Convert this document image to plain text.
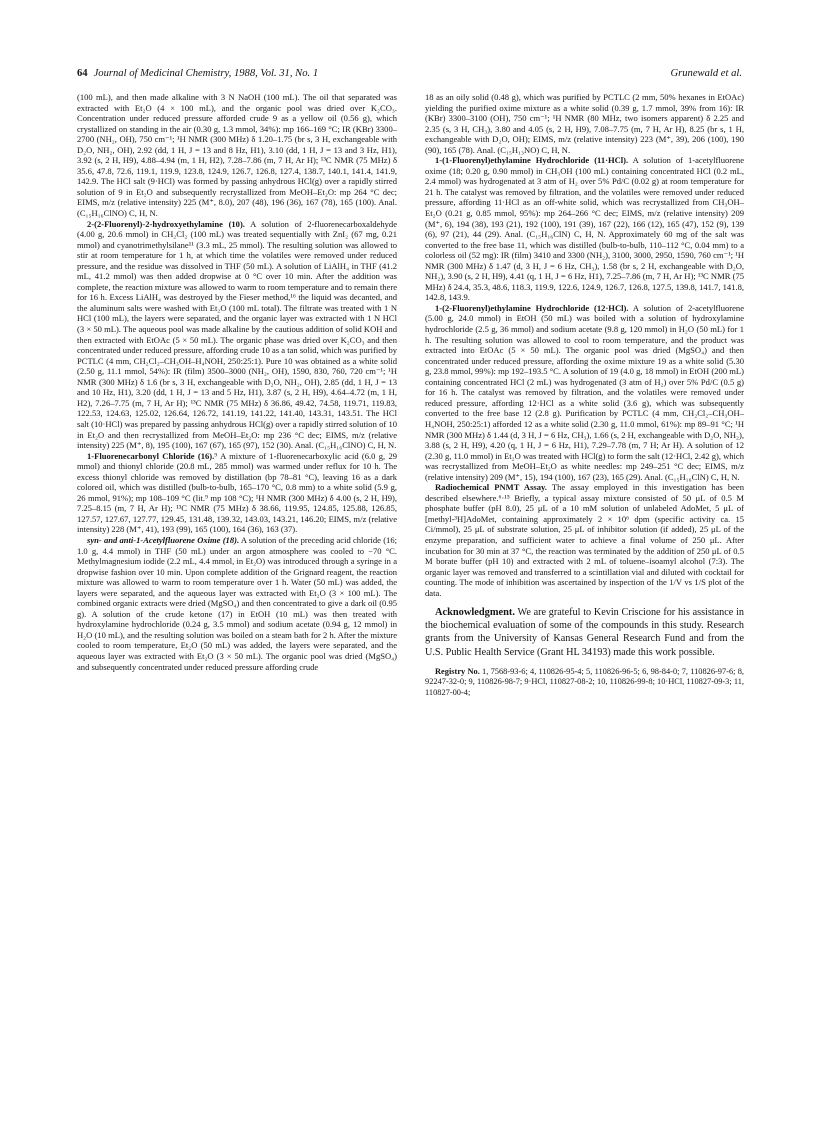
64 Journal of Medicinal Chemistry, 1988, Vol. 31, No. 1	Grunewald et al.

(100 mL), and then made alkaline with 3 N NaOH (100 mL). The oil that separated was extracted with Et₂O (4 × 100 mL), and the organic pool was dried over K₂CO₃. Concentration under reduced pressure afforded crude 9 as a yellow oil (0.56 g), which crystallized on standing in the air (0.30 g, 1.3 mmol, 34%): mp 166–169 °C; IR (KBr) 3300–2700 (NH₂, OH), 750 cm⁻¹; ¹H NMR (300 MHz) δ 1.20–1.75 (br s, 3 H, exchangeable with D₂O, NH₂, OH), 2.92 (dd, 1 H, J = 13 and 8 Hz, H1), 3.10 (dd, 1 H, J = 13 and 3 Hz, H1), 3.92 (s, 2 H, H9), 4.88–4.94 (m, 1 H, H2), 7.28–7.86 (m, 7 H, Ar H); ¹³C NMR (75 MHz) δ 35.6, 47.8, 72.6, 119.1, 119.9, 123.8, 124.9, 126.7, 126.8, 127.4, 138.7, 140.1, 141.4, 141.9, 142.9. The HCl salt (9·HCl) was formed by passing anhydrous HCl(g) over a rapidly stirred solution of 9 in Et₂O and subsequently recrystallized from MeOH–Et₂O: mp 264 °C dec; EIMS, m/z (relative intensity) 225 (M⁺, 8.0), 207 (48), 196 (36), 167 (78), 165 (100). Anal. (C₁₅H₁₆ClNO) C, H, N.

2-(2-Fluorenyl)-2-hydroxyethylamine (10). A solution of 2-fluorenecarboxaldehyde (4.00 g, 20.6 mmol) in CH₂Cl₂ (100 mL) was treated sequentially with ZnI₂ (67 mg, 0.21 mmol) and cyanotrimethylsilane¹¹ (3.3 mL, 25 mmol). The resulting solution was allowed to stir at room temperature for 1 h, at which time the volatiles were removed under reduced pressure, and the residue was dissolved in THF (50 mL). A solution of LiAlH₄ in THF (41.2 mL, 41.2 mmol) was then added dropwise at 0 °C over 10 min. After the addition was complete, the reaction mixture was allowed to warm to room temperature and to remain there for 16 h. Excess LiAlH₄ was destroyed by the Fieser method,¹⁶ the liquid was decanted, and the aluminum salts were washed with Et₂O (100 mL total). The filtrate was treated with 1 N HCl (100 mL), the layers were separated, and the organic layer was extracted with 1 N HCl (3 × 50 mL). The aqueous pool was made alkaline by the cautious addition of solid KOH and then extracted with EtOAc (5 × 50 mL). The organic phase was dried over K₂CO₃ and then concentrated under reduced pressure, affording crude 10 as a tan solid, which was purified by PCTLC (4 mm, CH₂Cl₂–CH₃OH–H₄NOH, 250:25:1). Pure 10 was obtained as a white solid (2.50 g, 11.1 mmol, 54%): IR (film) 3500–3000 (NH₂, OH), 1590, 830, 760, 720 cm⁻¹; ¹H NMR (300 MHz) δ 1.6 (br s, 3 H, exchangeable with D₂O, NH₂, OH), 2.85 (dd, 1 H, J = 13 and 10 Hz, H1), 3.20 (dd, 1 H, J = 13 and 5 Hz, H1), 3.87 (s, 2 H, H9), 4.64–4.72 (m, 1 H, H2), 7.26–7.75 (m, 7 H, Ar H); ¹³C NMR (75 MHz) δ 36.86, 49.42, 74.58, 119.71, 119.83, 122.53, 124.63, 125.02, 126.64, 126.72, 141.19, 141.22, 141.40, 143.31, 143.51. The HCl salt (10·HCl) was prepared by passing anhydrous HCl(g) over a rapidly stirred solution of 10 in Et₂O and then recrystallized from MeOH–Et₂O: mp 236 °C dec; EIMS, m/z (relative intensity) 225 (M⁺, 8), 195 (100), 167 (67), 165 (97), 152 (30). Anal. (C₁₅H₁₆ClNO) C, H, N.

1-Fluorenecarbonyl Chloride (16).⁹ A mixture of 1-fluorenecarboxylic acid (6.0 g, 29 mmol) and thionyl chloride (20.8 mL, 285 mmol) was warmed under reflux for 10 h. The excess thionyl chloride was removed by distillation (bp 78–81 °C), leaving 16 as a dark colored oil, which was distilled (bulb-to-bulb, 165–170 °C, 0.8 mm) to a white solid (5.9 g, 26 mmol, 91%); mp 108–109 °C (lit.⁹ mp 108 °C); ¹H NMR (300 MHz) δ 4.00 (s, 2 H, H9), 7.25–8.15 (m, 7 H, Ar H); ¹³C NMR (75 MHz) δ 38.66, 119.95, 124.85, 125.88, 126.85, 127.57, 127.67, 127.77, 129.45, 131.48, 139.32, 143.03, 143.21, 146.20; EIMS, m/z (relative intensity) 228 (M⁺, 41), 193 (99), 165 (100), 164 (36), 163 (37).

syn- and anti-1-Acetylfluorene Oxime (18). A solution of the preceding acid chloride (16; 1.0 g, 4.4 mmol) in THF (50 mL) under an argon atmosphere was cooled to −70 °C. Methylmagnesium iodide (2.2 mL, 4.4 mmol, in Et₂O) was introduced through a syringe in a dropwise fashion over 10 min. Upon complete addition of the Grignard reagent, the reaction mixture was allowed to warm to room temperature over 1 h. Water (50 mL) was added, the layers were separated, and the aqueous layer was extracted with Et₂O (3 × 100 mL). The combined organic extracts were dried (MgSO₄) and then concentrated to give a dark oil (0.95 g). A solution of the crude ketone (17) in EtOH (10 mL) was then treated with hydroxylamine hydrochloride (0.24 g, 3.5 mmol) and sodium acetate (0.94 g, 12 mmol) in H₂O (10 mL), and the resulting solution was boiled on a steam bath for 2 h. After the mixture cooled to room temperature, Et₂O (50 mL) was added, the layers were separated, and the aqueous layer was extracted with Et₂O (3 × 50 mL). The organic pool was dried (MgSO₄) and subsequently concentrated under reduced pressure affording crude

18 as an oily solid (0.48 g), which was purified by PCTLC (2 mm, 50% hexanes in EtOAc) yielding the purified oxime mixture as a white solid (0.39 g, 1.7 mmol, 39% from 16): IR (KBr) 3300–3100 (OH), 750 cm⁻¹; ¹H NMR (80 MHz, two isomers apparent) δ 2.25 and 2.35 (s, 3 H, CH₃), 3.80 and 4.05 (s, 2 H, H9), 7.08–7.75 (m, 7 H, Ar H), 8.25 (br s, 1 H, exchangeable with D₂O, OH); EIMS, m/z (relative intensity) 223 (M⁺, 39), 206 (100), 190 (90), 165 (78). Anal. (C₁₅H₁₃NO) C, H, N.

1-(1-Fluorenyl)ethylamine Hydrochloride (11·HCl). A solution of 1-acetylfluorene oxime (18; 0.20 g, 0.90 mmol) in CH₃OH (100 mL) containing concentrated HCl (0.2 mL, 2.4 mmol) was hydrogenated at 3 atm of H₂ over 5% Pd/C (0.02 g) at room temperature for 21 h. The catalyst was removed by filtration, and the volatiles were removed under reduced pressure, affording 11·HCl as an off-white solid, which was recrystallized from CH₃OH–Et₂O (0.21 g, 0.85 mmol, 95%): mp 264–266 °C dec; EIMS, m/z (relative intensity) 209 (M⁺, 6), 194 (38), 193 (21), 192 (100), 191 (39), 167 (22), 166 (12), 165 (47), 152 (9), 139 (6), 97 (21), 44 (29). Anal. (C₁₅H₁₆ClN) C, H, N. Approximately 60 mg of the salt was converted to the free base 11, which was distilled (bulb-to-bulb, 110–112 °C, 0.04 mm) to a colorless oil (52 mg): IR (film) 3410 and 3300 (NH₂), 3100, 3000, 2950, 1590, 760 cm⁻¹; ¹H NMR (300 MHz) δ 1.47 (d, 3 H, J = 6 Hz, CH₃), 1.58 (br s, 2 H, exchangeable with D₂O, NH₂), 3.90 (s, 2 H, H9), 4.41 (q, 1 H, J = 6 Hz, H1), 7.25–7.86 (m, 7 H, Ar H); ¹³C NMR (75 MHz) δ 24.4, 35.3, 48.6, 118.3, 119.9, 122.6, 124.9, 126.7, 126.8, 127.5, 139.8, 141.7, 141.8, 142.8, 143.9.

1-(2-Fluorenyl)ethylamine Hydrochloride (12·HCl). A solution of 2-acetylfluorene (5.00 g, 24.0 mmol) in EtOH (50 mL) was boiled with a solution of hydroxylamine hydrochloride (2.5 g, 36 mmol) and sodium acetate (9.8 g, 120 mmol) in H₂O (50 mL) for 1 h. The resulting solution was allowed to cool to room temperature, and the product was extracted into EtOAc (5 × 50 mL). The organic pool was dried (MgSO₄) and then concentrated under reduced pressure, affording the oxime mixture 19 as a white solid (5.30 g, 23.8 mmol, 99%): mp 192–193.5 °C. A solution of 19 (4.0 g, 18 mmol) in EtOH (200 mL) containing concentrated HCl (2 mL) was hydrogenated (3 atm of H₂) over 5% Pd/C (0.5 g) for 16 h. The catalyst was removed by filtration, and the volatiles were removed under reduced pressure, affording 12·HCl as a white solid (3.6 g), which was subsequently converted to the free base 12 (2.8 g). Purification by PCTLC (4 mm, CH₂Cl₂–CH₃OH–H₄NOH, 250:25:1) afforded 12 as a white solid (2.30 g, 11.0 mmol, 61%): mp 89–91 °C; ¹H NMR (300 MHz) δ 1.44 (d, 3 H, J = 6 Hz, CH₃), 1.66 (s, 2 H, exchangeable with D₂O, NH₂), 3.88 (s, 2 H, H9), 4.20 (q, 1 H, J = 6 Hz, H1), 7.29–7.78 (m, 7 H; Ar H). A solution of 12 (2.30 g, 11.0 mmol) in Et₂O was treated with HCl(g) to form the salt (12·HCl, 2.42 g), which was recrystallized from MeOH–Et₂O as white needles: mp 249–251 °C dec; EIMS, m/z (relative intensity) 209 (M⁺, 15), 194 (100), 167 (23), 165 (29). Anal. (C₁₅H₁₆ClN) C, H, N.

Radiochemical PNMT Assay. The assay employed in this investigation has been described elsewhere.⁶·¹⁵ Briefly, a typical assay mixture consisted of 50 μL of 0.5 M phosphate buffer (pH 8.0), 25 μL of a 10 mM solution of unlabeled AdoMet, 5 μL of [methyl-³H]AdoMet, containing approximately 2 × 10⁶ dpm (specific activity ca. 15 Ci/mmol), 25 μL of substrate solution, 25 μL of inhibitor solution (if added), 25 μL of the enzyme preparation, and sufficient water to achieve a final volume of 250 μL. After incubation for 30 min at 37 °C, the reaction was terminated by the addition of 250 μL of 0.5 M borate buffer (pH 10) and extracted with 2 mL of toluene–isoamyl alcohol (7:3). The organic layer was removed and transferred to a scintillation vial and diluted with cocktail for counting. The mode of inhibition was ascertained by inspection of the 1/V vs 1/S plot of the data.

Acknowledgment. We are grateful to Kevin Criscione for his assistance in the biochemical evaluation of some of the compounds in this study. Research grants from the University of Kansas General Research Fund and from the U.S. Public Health Service (Grant HL 34193) made this work possible.

Registry No. 1, 7568-93-6; 4, 110826-95-4; 5, 110826-96-5; 6, 98-84-0; 7, 110826-97-6; 8, 92247-32-0; 9, 110826-98-7; 9·HCl, 110827-08-2; 10, 110826-99-8; 10·HCl, 110827-09-3; 11, 110827-00-4;
